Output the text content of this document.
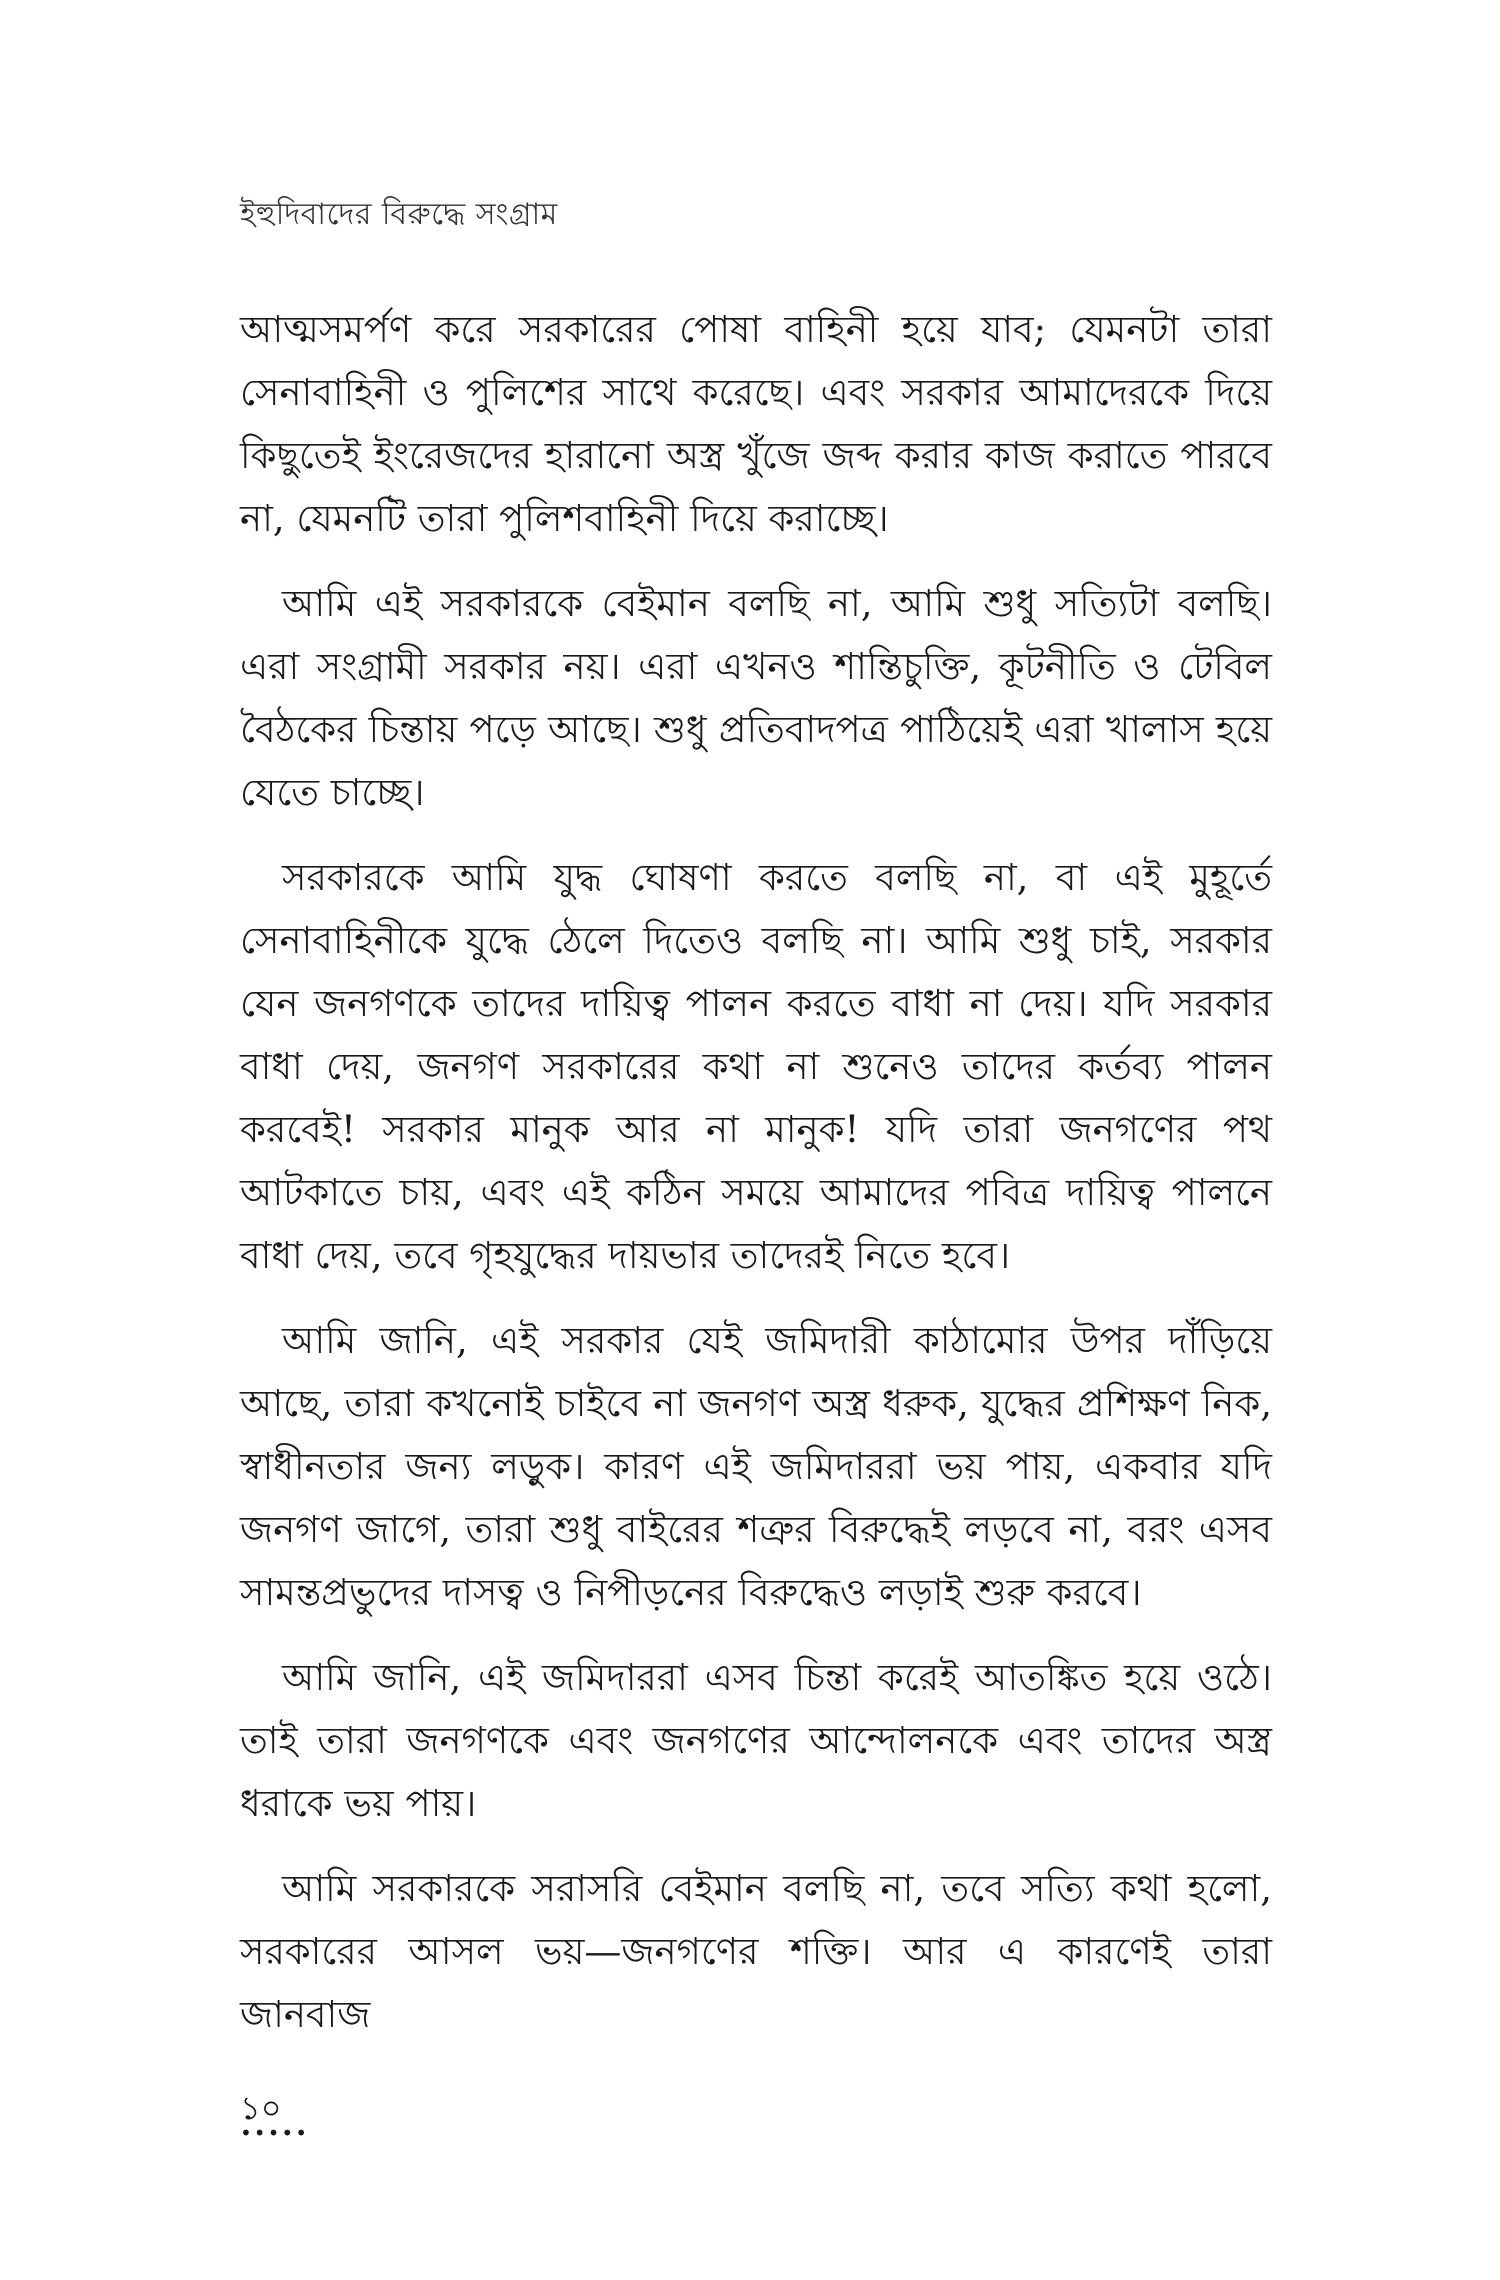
ইহুদিবাদের বিরুদ্ধে সংগ্রাম

আত্মসমর্পণ করে সরকারের পোষা বাহিনী হয়ে যাব; যেমনটা তারা সেনাবাহিনী ও পুলিশের সাথে করেছে। এবং সরকার আমাদেরকে দিয়ে কিছুতেই ইংরেজদের হারানো অস্ত্র খুঁজে জব্দ করার কাজ করাতে পারবে না, যেমনটি তারা পুলিশবাহিনী দিয়ে করাচ্ছে।

আমি এই সরকারকে বেইমান বলছি না, আমি শুধু সত্যিটা বলছি। এরা সংগ্রামী সরকার নয়। এরা এখনও শান্তিচুক্তি, কূটনীতি ও টেবিল বৈঠকের চিন্তায় পড়ে আছে। শুধু প্রতিবাদপত্র পাঠিয়েই এরা খালাস হয়ে যেতে চাচ্ছে।

সরকারকে আমি যুদ্ধ ঘোষণা করতে বলছি না, বা এই মুহূর্তে সেনাবাহিনীকে যুদ্ধে ঠেলে দিতেও বলছি না। আমি শুধু চাই, সরকার যেন জনগণকে তাদের দায়িত্ব পালন করতে বাধা না দেয়। যদি সরকার বাধা দেয়, জনগণ সরকারের কথা না শুনেও তাদের কর্তব্য পালন করবেই! সরকার মানুক আর না মানুক! যদি তারা জনগণের পথ আটকাতে চায়, এবং এই কঠিন সময়ে আমাদের পবিত্র দায়িত্ব পালনে বাধা দেয়, তবে গৃহযুদ্ধের দায়ভার তাদেরই নিতে হবে।

আমি জানি, এই সরকার যেই জমিদারী কাঠামোর উপর দাঁড়িয়ে আছে, তারা কখনোই চাইবে না জনগণ অস্ত্র ধরুক, যুদ্ধের প্রশিক্ষণ নিক, স্বাধীনতার জন্য লড়ুক। কারণ এই জমিদাররা ভয় পায়, একবার যদি জনগণ জাগে, তারা শুধু বাইরের শত্রুর বিরুদ্ধেই লড়বে না, বরং এসব সামন্তপ্রভুদের দাসত্ব ও নিপীড়নের বিরুদ্ধেও লড়াই শুরু করবে।

আমি জানি, এই জমিদাররা এসব চিন্তা করেই আতঙ্কিত হয়ে ওঠে। তাই তারা জনগণকে এবং জনগণের আন্দোলনকে এবং তাদের অস্ত্র ধরাকে ভয় পায়।

আমি সরকারকে সরাসরি বেইমান বলছি না, তবে সত্যি কথা হলো, সরকারের আসল ভয়—জনগণের শক্তি। আর এ কারণেই তারা জানবাজ

১০
•••••
